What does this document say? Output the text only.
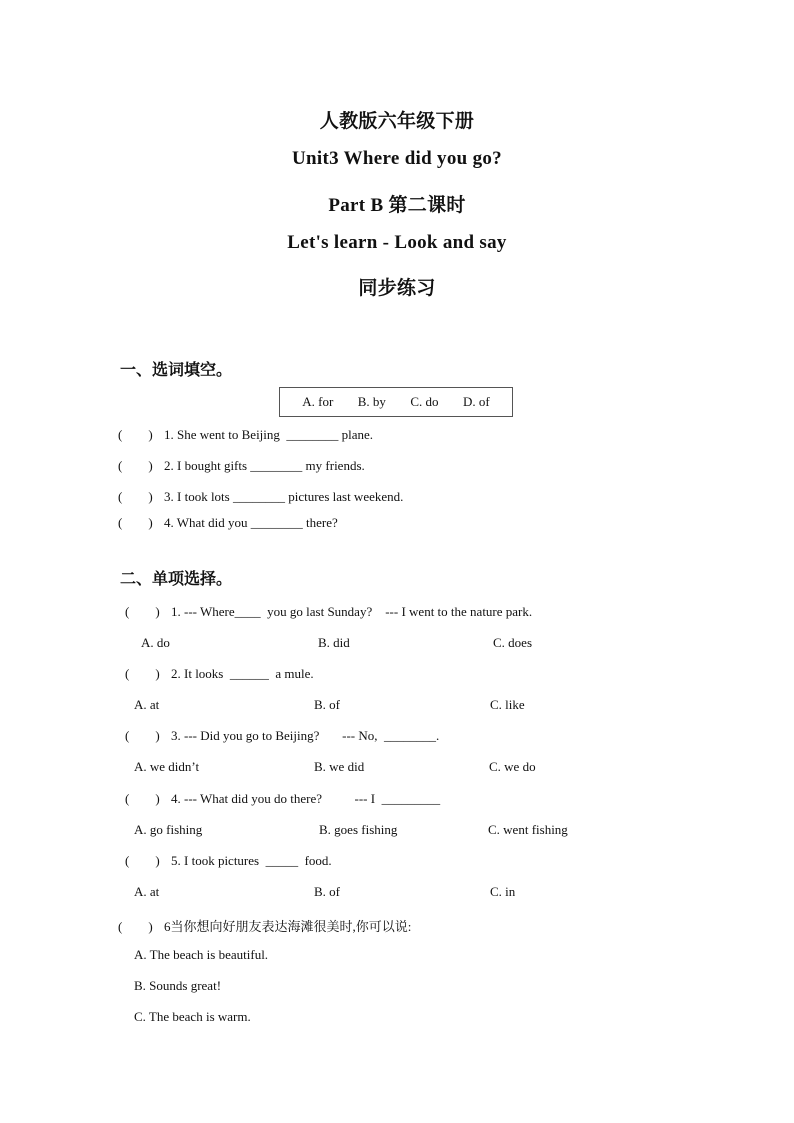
人教版六年级下册
Unit3 Where did you go?
Part B 第二课时
Let's learn - Look and say
同步练习
一、选词填空。
A. for B. by C. do D. of
(        ) 1. She went to Beijing  ________ plane.
(        ) 2. I bought gifts ________ my friends.
(        ) 3. I took lots ________ pictures last weekend.
(        ) 4. What did you ________ there?
二、单项选择。
(        ) 1. --- Where____  you go last Sunday?    --- I went to the nature park.
A. do	B. did	C. does
(        ) 2. It looks  ______  a mule.
A. at	B. of	C. like
(        ) 3. --- Did you go to Beijing?       --- No,  ________.
A. we didn’t	B. we did	C. we do
(        ) 4. --- What did you do there?          --- I  _________
A. go fishing	B. goes fishing	C. went fishing
(        ) 5. I took pictures  _____  food.
A. at	B. of	C. in
(        ) 6当你想向好朋友表达海滩很美时,你可以说:
A. The beach is beautiful.
B. Sounds great!
C. The beach is warm.
